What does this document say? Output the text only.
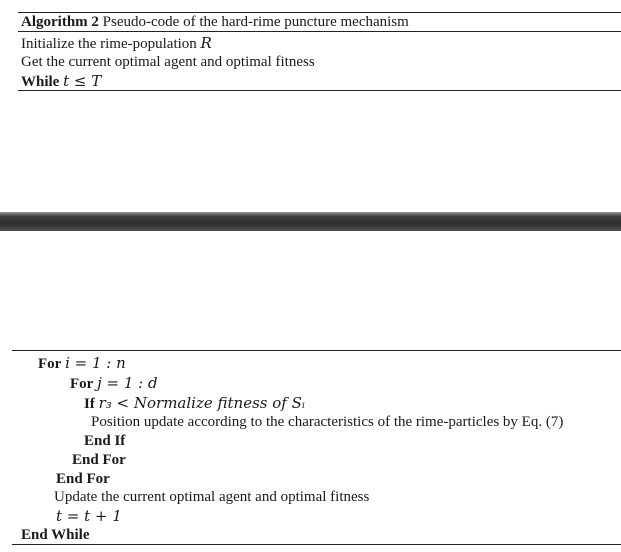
Algorithm 2 Pseudo-code of the hard-rime puncture mechanism
Initialize the rime-population R
Get the current optimal agent and optimal fitness
While t ≤ T
For i = 1 : n
For j = 1 : d
If r₃ < Normalize fitness of Sᵢ
Position update according to the characteristics of the rime-particles by Eq. (7)
End If
End For
End For
Update the current optimal agent and optimal fitness
t = t + 1
End While
